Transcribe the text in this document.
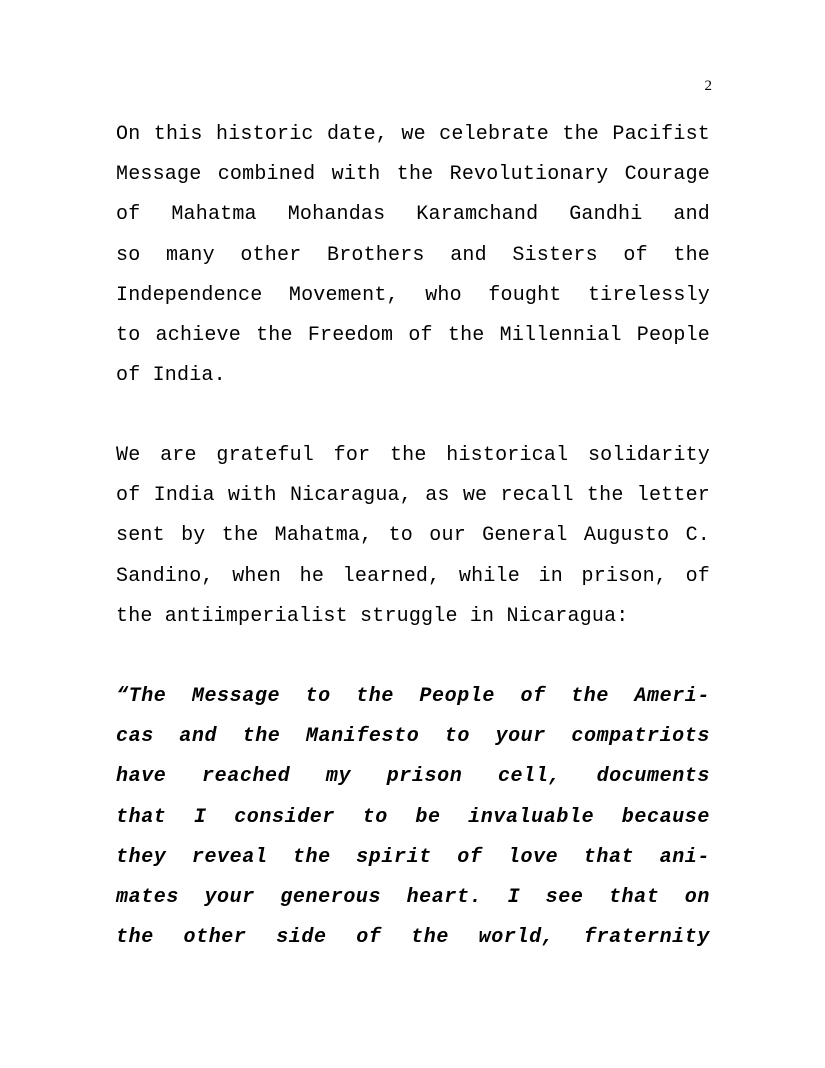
2
On this historic date, we celebrate the Pacifist
Message combined with the Revolutionary Courage
of Mahatma Mohandas Karamchand Gandhi and
so many other Brothers and Sisters of the
Independence Movement, who fought tirelessly
to achieve the Freedom of the Millennial People
of India.
We are grateful for the historical solidarity
of India with Nicaragua, as we recall the letter
sent by the Mahatma, to our General Augusto C.
Sandino, when he learned, while in prison, of
the antiimperialist struggle in Nicaragua:
“The Message to the People of the Ameri-
cas and the Manifesto to your compatriots
have reached my prison cell, documents
that I consider to be invaluable because
they reveal the spirit of love that ani-
mates your generous heart. I see that on
the other side of the world, fraternity
